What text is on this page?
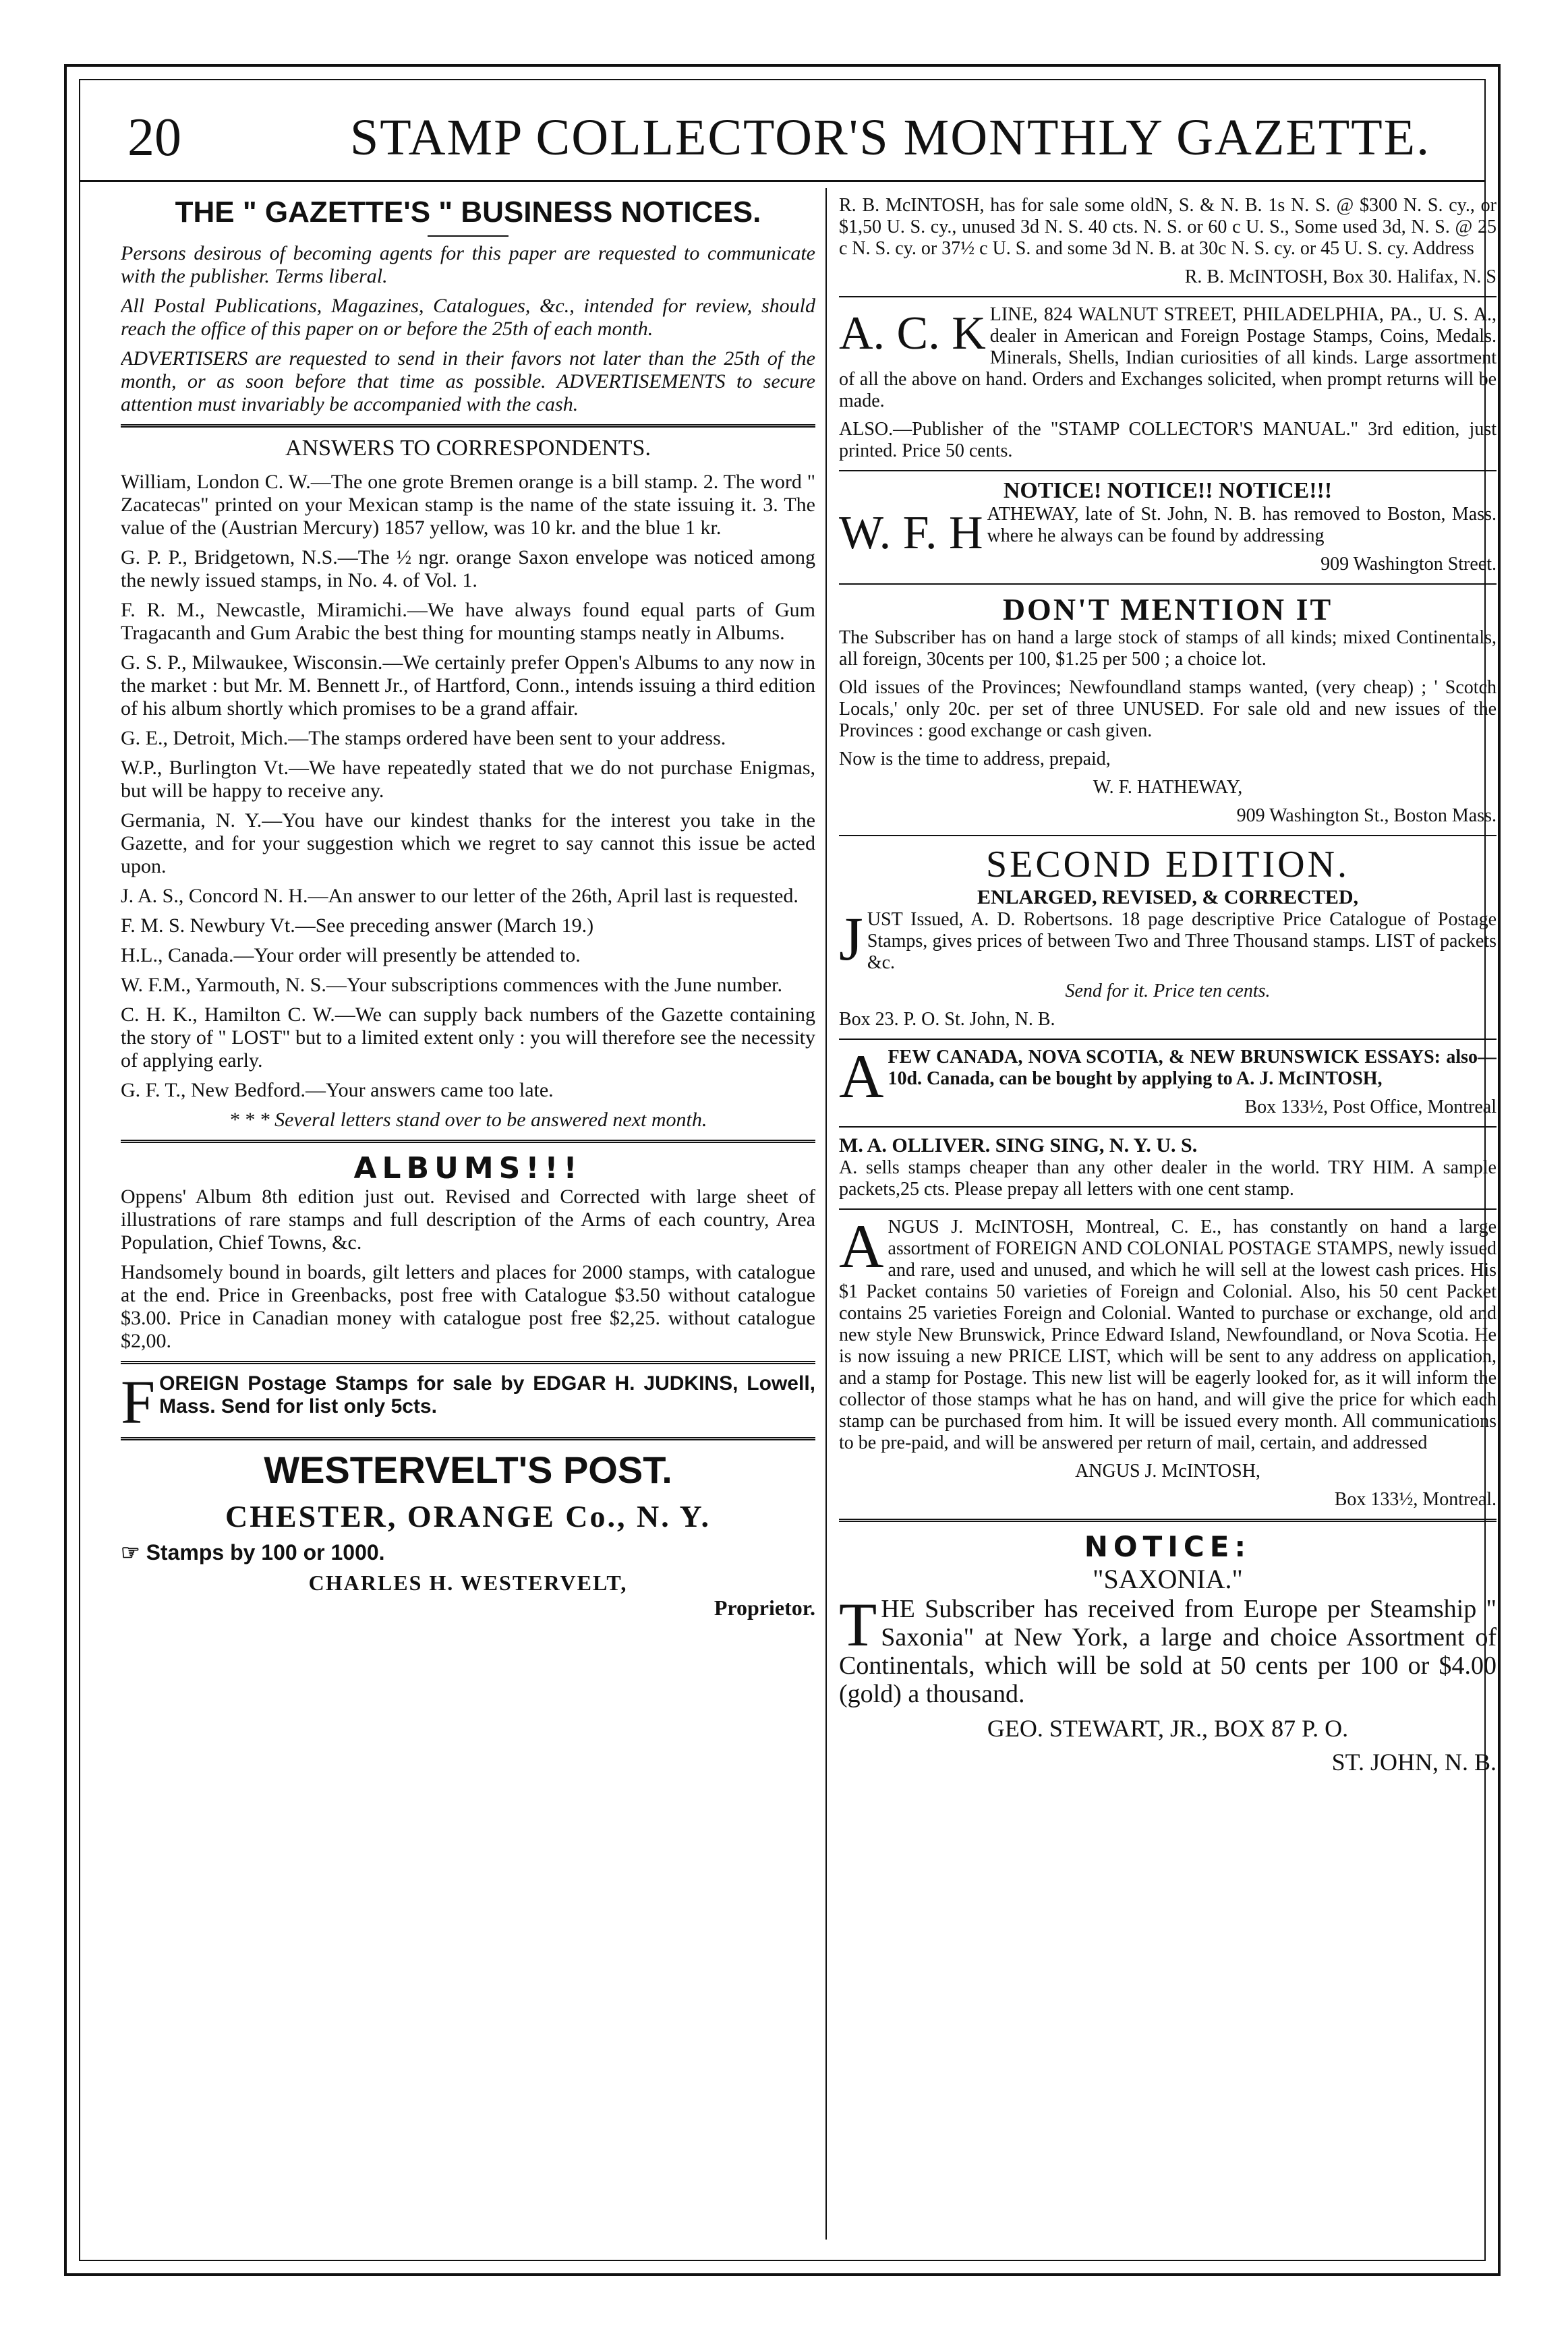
20	STAMP COLLECTOR'S MONTHLY GAZETTE.
THE " GAZETTE'S " BUSINESS NOTICES.

Persons desirous of becoming agents for this paper are requested to communicate with the publisher. Terms liberal.

All Postal Publications, Magazines, Catalogues, &c., intended for review, should reach the office of this paper on or before the 25th of each month.

ADVERTISERS are requested to send in their favors not later than the 25th of the month, or as soon before that time as possible. ADVERTISEMENTS to secure attention must invariably be accompanied with the cash.

ANSWERS TO CORRESPONDENTS.

William, London C. W.—The one grote Bremen orange is a bill stamp. 2. The word " Zacatecas" printed on your Mexican stamp is the name of the state issuing it. 3. The value of the (Austrian Mercury) 1857 yellow, was 10 kr. and the blue 1 kr.

G. P. P., Bridgetown, N.S.—The ½ ngr. orange Saxon envelope was noticed among the newly issued stamps, in No. 4. of Vol. 1.

F. R. M., Newcastle, Miramichi.—We have always found equal parts of Gum Tragacanth and Gum Arabic the best thing for mounting stamps neatly in Albums.

G. S. P., Milwaukee, Wisconsin.—We certainly prefer Oppen's Albums to any now in the market : but Mr. M. Bennett Jr., of Hartford, Conn., intends issuing a third edition of his album shortly which promises to be a grand affair.

G. E., Detroit, Mich.—The stamps ordered have been sent to your address.

W.P., Burlington Vt.—We have repeatedly stated that we do not purchase Enigmas, but will be happy to receive any.

Germania, N. Y.—You have our kindest thanks for the interest you take in the Gazette, and for your suggestion which we regret to say cannot this issue be acted upon.

J. A. S., Concord N. H.—An answer to our letter of the 26th, April last is requested.

F. M. S. Newbury Vt.—See preceding answer (March 19.)

H.L., Canada.—Your order will presently be attended to.

W. F.M., Yarmouth, N. S.—Your subscriptions commences with the June number.

C. H. K., Hamilton C. W.—We can supply back numbers of the Gazette containing the story of " LOST" but to a limited extent only : you will therefore see the necessity of applying early.

G. F. T., New Bedford.—Your answers came too late.

* * * Several letters stand over to be answered next month.

ALBUMS!!!

Oppens' Album 8th edition just out. Revised and Corrected with large sheet of illustrations of rare stamps and full description of the Arms of each country, Area Population, Chief Towns, &c.

Handsomely bound in boards, gilt letters and places for 2000 stamps, with catalogue at the end. Price in Greenbacks, post free with Catalogue $3.50 without catalogue $3.00. Price in Canadian money with catalogue post free $2,25. without catalogue $2,00.

F OREIGN Postage Stamps for sale by EDGAR H. JUDKINS, Lowell, Mass. Send for list only 5cts.

WESTERVELT'S POST.
CHESTER, ORANGE Co., N. Y.

☞ Stamps by 100 or 1000.

CHARLES H. WESTERVELT,
Proprietor.

R. B. McINTOSH, has for sale some oldN, S. & N. B. 1s N. S. @ $300 N. S. cy., or $1,50 U. S. cy., unused 3d N. S. 40 cts. N. S. or 60 c U. S., Some used 3d, N. S. @ 25 c N. S. cy. or 37½ c U. S. and some 3d N. B. at 30c N. S. cy. or 45 U. S. cy. Address

R. B. McINTOSH, Box 30. Halifax, N. S

A. C. K LINE, 824 WALNUT STREET, PHILADELPHIA, PA., U. S. A., dealer in American and Foreign Postage Stamps, Coins, Medals. Minerals, Shells, Indian curiosities of all kinds. Large assortment of all the above on hand. Orders and Exchanges solicited, when prompt returns will be made.

ALSO.—Publisher of the "STAMP COLLECTOR'S MANUAL." 3rd edition, just printed. Price 50 cents.

NOTICE! NOTICE!! NOTICE!!!
W. F. H ATHEWAY, late of St. John, N. B. has removed to Boston, Mass. where he always can be found by addressing

909 Washington Street.

DON'T MENTION IT

The Subscriber has on hand a large stock of stamps of all kinds; mixed Continentals, all foreign, 30cents per 100, $1.25 per 500 ; a choice lot.

Old issues of the Provinces; Newfoundland stamps wanted, (very cheap) ; ' Scotch Locals,' only 20c. per set of three UNUSED. For sale old and new issues of the Provinces : good exchange or cash given.

Now is the time to address, prepaid,

W. F. HATHEWAY,

909 Washington St., Boston Mass.

SECOND EDITION.
ENLARGED, REVISED, & CORRECTED,
J UST Issued, A. D. Robertsons. 18 page descriptive Price Catalogue of Postage Stamps, gives prices of between Two and Three Thousand stamps. LIST of packets &c.

Send for it. Price ten cents.

Box 23. P. O. St. John, N. B.

A FEW CANADA, NOVA SCOTIA, & NEW BRUNSWICK ESSAYS: also—10d. Canada, can be bought by applying to A. J. McINTOSH,

Box 133½, Post Office, Montreal

M. A. OLLIVER. SING SING, N. Y. U. S.

A. sells stamps cheaper than any other dealer in the world. TRY HIM. A sample packets,25 cts. Please prepay all letters with one cent stamp.

A NGUS J. McINTOSH, Montreal, C. E., has constantly on hand a large assortment of FOREIGN AND COLONIAL POSTAGE STAMPS, newly issued and rare, used and unused, and which he will sell at the lowest cash prices. His $1 Packet contains 50 varieties of Foreign and Colonial. Also, his 50 cent Packet contains 25 varieties Foreign and Colonial. Wanted to purchase or exchange, old and new style New Brunswick, Prince Edward Island, Newfoundland, or Nova Scotia. He is now issuing a new PRICE LIST, which will be sent to any address on application, and a stamp for Postage. This new list will be eagerly looked for, as it will inform the collector of those stamps what he has on hand, and will give the price for which each stamp can be purchased from him. It will be issued every month. All communications to be pre-paid, and will be answered per return of mail, certain, and addressed

ANGUS J. McINTOSH,

Box 133½, Montreal.

NOTICE:
"SAXONIA."
T HE Subscriber has received from Europe per Steamship " Saxonia" at New York, a large and choice Assortment of Continentals, which will be sold at 50 cents per 100 or $4.00 (gold) a thousand.

GEO. STEWART, JR., BOX 87 P. O.

ST. JOHN, N. B.
